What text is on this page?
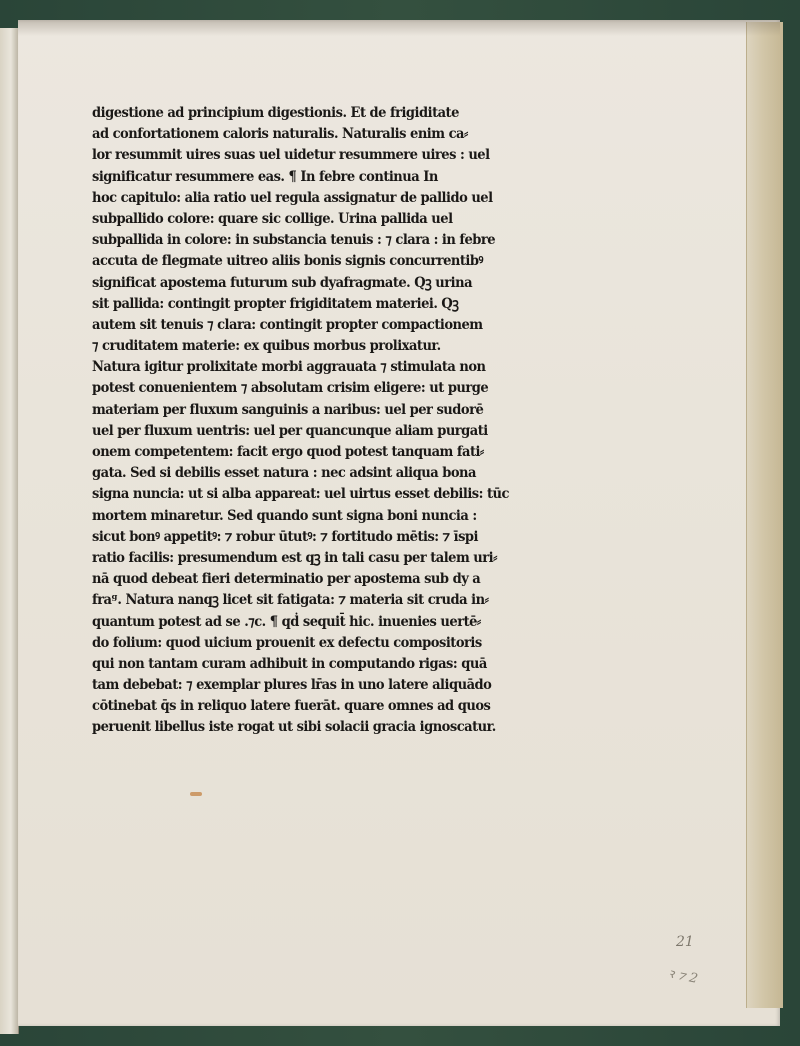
digestione ad principium digestionis. Et de frigiditate
ad confortationem caloris naturalis. Naturalis enim ca⸗
lor resummit uires suas uel uidetur resummere uires : uel
significatur resummere eas. ¶ In febre continua In
hoc capitulo: alia ratio uel regula assignatur de pallido uel
subpallido colore: quare sic collige. Urina pallida uel
subpallida in colore: in substancia tenuis : ⁊ clara : in febre
accuta de flegmate uitreo aliis bonis signis concurrentibꝰ
significat apostema futurum sub dyafragmate. Qꝫ urina
sit pallida: contingit propter frigiditatem materiei. Qꝫ
autem sit tenuis ⁊ clara: contingit propter compactionem
⁊ cruditatem materie: ex quibus morbus prolixatur.
Natura igitur prolixitate morbi aggrauata ⁊ stimulata non
potest conuenientem ⁊ absolutam crisim eligere: ut purge
materiam per fluxum sanguinis a naribus: uel per sudorē
uel per fluxum uentris: uel per quancunque aliam purgati
onem competentem: facit ergo quod potest tanquam fati⸗
gata. Sed si debilis esset natura : nec adsint aliqua bona
signa nuncia: ut si alba appareat: uel uirtus esset debilis: tūc
mortem minaretur. Sed quando sunt signa boni nuncia :
sicut bonꝰ appetitꝰ: ⁊ robur ūtutꝰ: ⁊ fortitudo mētis: ⁊ īspi
ratio facilis: presumendum est qꝫ in tali casu per talem uri⸗
nā quod debeat fieri determinatio per apostema sub dy a
fraᵍ. Natura nanqꝫ licet sit fatigata: ⁊ materia sit cruda in⸗
quantum potest ad se .⁊c. ¶ qḋ sequit̄ hic. inuenies uertē⸗
do folium: quod uicium prouenit ex defectu compositoris
qui non tantam curam adhibuit in computando rigas: quā
tam debebat: ⁊ exemplar plures lr̄as in uno latere aliquādo
cōtinebat q̄s in reliquo latere fuerāt. quare omnes ad quos
peruenit libellus iste rogat ut sibi solacii gracia ignoscatur.
21
ꝛ ⁊ 2
